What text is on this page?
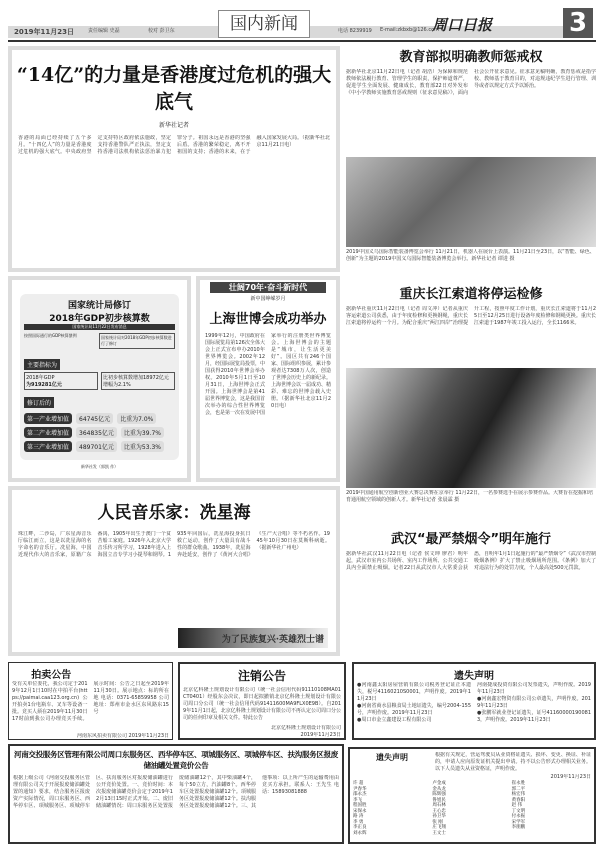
2019年11月23日	责任编辑 史磊	校对 彭卫东	电话 8239919 E-mail:zkbxb@126.com
国内新闻	周口日报	3
“14亿”的力量是香港度过危机的强大底气
新华社记者
香港的局面已经持续了五个多月。“十四亿人”的力量是香港度过危机的强大底气。中央政府坚定支持特区政府依法施政，坚定支持香港警队严正执法，坚定支持香港司法机构依法惩治暴力犯罪分子。祖国永远是香港的坚强后盾。香港的繁荣稳定，离不开祖国的支持；香港的未来，在于融入国家发展大局。（据新华社北京11月21日电）
国家统计局修订
2018年GDP初步核算数
国家统计局11月22日发布消息
按照国际通行的GDP核算惯例	国家统计局对2018年GDP初步核算数进行了修订
主要指标为
2018年GDP
为919281亿元
比初步核算数增加18972亿元 增幅为2.1%
修订后的
第一产业增加值	64745亿元	比重为7.0%
第二产业增加值	364835亿元	比重为39.7%
第三产业增加值	489701亿元	比重为53.3%
新华社发（郭凯 作）
壮阔70年·奋斗新时代
新中国峥嵘岁月
上海世博会成功举办
1999年12月，中国政府在国际展览局第126次全体大会上正式宣布申办2010年世界博览会。2002年12月，经国际展览局投票，中国获得2010年世博会举办权。2010年5月1日至10月31日，上海世博会正式开园。上海世博会是第41届世界博览会，这是我国首次举办的综合性世界博览会，也是第一次在发展中国家举行的注册类世界博览会。上海世博会的主题是“城市，让生活更美好”。园区共有246个国家、国际组织参展，累计参观者达7308万人次，创造了世博会历史上的新纪录。上海世博会以一届成功、精彩、难忘的世博会载入史册。（据新华社北京11月20日电）
人民音乐家：冼星海
珠江畔，二沙岛，广东星海音乐厅临江而立，这是以冼星海的名字命名的音乐厅。冼星海，中国近现代伟大的音乐家，原籍广东番禺，1905年出生于澳门一个贫苦船工家庭。1926年入北京大学音乐传习所学习，1928年进入上海国立音专学习小提琴和钢琴。1935年回国后，冼星海投身抗日救亡运动，创作了大量具有战斗性的群众歌曲。1938年，冼星海奔赴延安，创作了《黄河大合唱》《生产大合唱》等不朽名作。1945年10月30日在莫斯科病逝。（据新华社广州电）
为了民族复兴·英雄烈士谱
教育部拟明确教师惩戒权
据新华社北京11月22日电（记者 胡浩）为保障和规范教师依法履行教育、管理学生的职责，保护师道尊严，促进学生全面发展、健康成长，教育部22日对外发布《中小学教师实施教育惩戒规则（征求意见稿）》，面向社会公开征求意见。征求意见稿明确，教育惩戒是指学校、教师基于教育目的，对违规违纪学生进行管理、训导或者以规定方式予以矫治。
2019中国义乌国际智能装备博览会举行 11月21日，机器人在展台上表演。11月21日至23日，以“智能、绿色、创新”为主题的2019中国义乌国际智能装备博览会举行。新华社记者 谭进 摄
重庆长江索道将停运检修
据新华社重庆11月22日电（记者 周文冲）记者从重庆客运索道公司获悉，由于年度检修和更换钢绳，重庆长江索道将停运约一个月。为配合重庆“两江四岸”治理提升工程，按照年度工作计划，重庆长江索道将于11月25日至12月25日进行设备年度检修和钢绳更换。重庆长江索道于1987年竣工投入运行，全长1166米。
2019中国通用航空创新创业大赛总决赛在京举行 11月22日，一名参赛选手在展示参赛作品。大赛旨在挖掘和培育通用航空领域的创新人才。新华社记者 张晨霖 摄
武汉“最严禁烟令”明年施行
据新华社武汉11月22日电（记者 侯文坤 廖君）明年起，武汉市室内公共场所、室内工作场所、公共交通工具内全面禁止吸烟。记者22日从武汉市人大常委会获悉，自明年1月1日起施行的“最严禁烟令”《武汉市控制吸烟条例》扩大了禁止吸烟场所范围。《条例》加大了对违法行为的处罚力度，个人最高处500元罚款。
拍卖公告
受有关单位委托，我公司定于2019年12月1日10时在中拍平台(https://paimai.caa123.org.cn)公开拍卖1台电瓶车、叉车等设备一批。竞买人须在2019年11月30日17时前到我公司办理竞买手续。展示时间：公告之日起至2019年11月30日。展示地点：标的所在地 电话：0371-65859958 公司地址：郑州市金水区东风路东15号
河南东风拍卖有限公司 2019年11月23日
注销公告
北京亿科隆土规划设计有限公司（统一社会信用代码91110108MA01CT0401）经股东会决议，即日起拟撤销北京亿科隆土规划设计有限公司周口分公司（统一社会信用代码91411600MA9FLX0E9B）。自2019年11月1日起，北京亿科隆土规划设计有限公司不再认定公司周口分公司的任何印章及相关文件。特此公告
北京亿科隆土规划设计有限公司
2019年11月23日
遗失声明

●河南鑫太阳房屋营销有限公司税务登记证正本遗失，税号41160210S0001，声明作废。2019年11月23日

●河南省商水县粮食局土地证遗失，编号2004-155号，声明作废。2019年11月23日

●周口市金立鑫建设工程有限公司

河南捷成投资有限公司发票遗失，声明作废。2019年11月23日

●河南鑫宏物资有限公司公章遗失，声明作废。2019年11月23日

●张鹏军就业登记证遗失，证号411600001900813，声明作废。2019年11月23日

河南交投服务区管理有限公司周口东服务区、西华停车区、项城服务区、项城停车区、扶沟服务区报废储油罐处置竞价公告
根据上级公司《河南交投服务区管理有限公司关于开展报废储油罐处置的通知》要求，结合服务区报废资产实际情况，周口东服务区、西华停车区、项城服务区、项城停车区、扶沟服务区对报废储油罐进行公开竞价处置。一、竞价时间：本次报废储油罐竞价会定于2019年12月13日15时正式开始。二、废旧储油罐情况：周口东服务区处置报废储油罐12个，其中柴油罐4个，每个50立方，汽油罐8个。西华停车区处置报废储油罐12个。项城服务区处置报废储油罐12个。扶沟服务区处置报废储油罐12个。三、其他事项：以上所产生的运输费用由竞买方承担。联系人：王先生 电话：15893081888
遗失声明	根据有关规定，营运驾驶员从业资格证遗失、损坏、变更、换证、补证的，申请人应向原发证机关提出申请。持不以公告形式办理相关业务。以下人员遗失从业资格证，声明作废。
2019年11月23日
许 超	卢金成	崔永胜
尹春华	金从龙	郭二平
邵永杰	陈辉强	杨宏伟
李飞	鲁旭民	黄春阳
程国胜	周石林	赵 伟
宋保永	王心忠	丁文明
路 涛	孙卫华	付永振
李 勇	张 刚	宋学军
李正良	庄飞翔	李朋鹏
刘永辉	王文士
